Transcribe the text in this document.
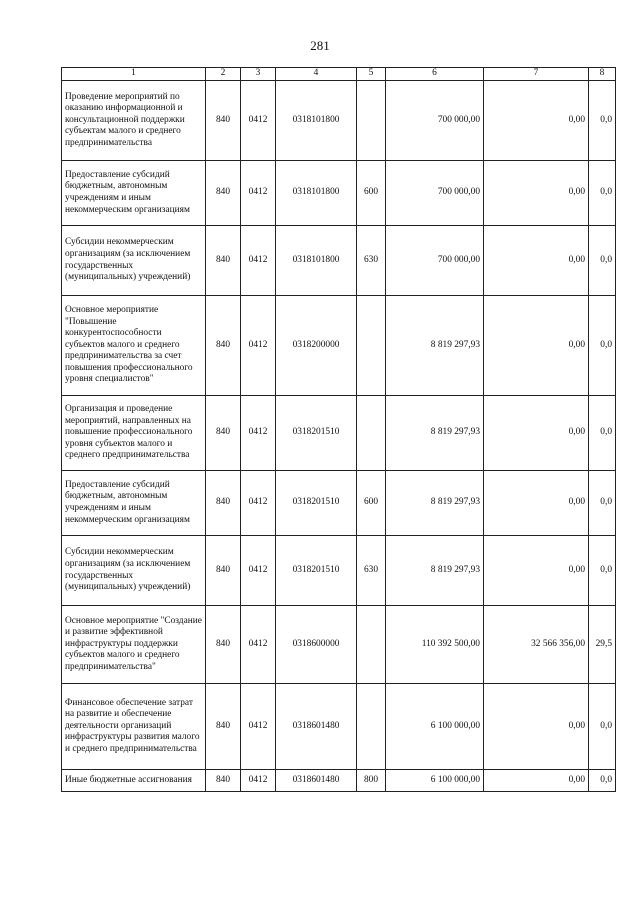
281
1	2	3	4	5	6	7	8
Проведение мероприятий по оказанию информационной и консультационной поддержки субъектам малого и среднего предпринимательства	840	0412	0318101800		700 000,00	0,00	0,0
Предоставление субсидий бюджетным, автономным учреждениям и иным некоммерческим организациям	840	0412	0318101800	600	700 000,00	0,00	0,0
Субсидии некоммерческим организациям (за исключением государственных (муниципальных) учреждений)	840	0412	0318101800	630	700 000,00	0,00	0,0
Основное мероприятие "Повышение конкурентоспособности субъектов малого и среднего предпринимательства за счет повышения профессионального уровня специалистов"	840	0412	0318200000		8 819 297,93	0,00	0,0
Организация и проведение мероприятий, направленных на повышение профессионального уровня субъектов малого и среднего предпринимательства	840	0412	0318201510		8 819 297,93	0,00	0,0
Предоставление субсидий бюджетным, автономным учреждениям и иным некоммерческим организациям	840	0412	0318201510	600	8 819 297,93	0,00	0,0
Субсидии некоммерческим организациям (за исключением государственных (муниципальных) учреждений)	840	0412	0318201510	630	8 819 297,93	0,00	0,0
Основное мероприятие "Создание и развитие эффективной инфраструктуры поддержки субъектов малого и среднего предпринимательства"	840	0412	0318600000		110 392 500,00	32 566 356,00	29,5
Финансовое обеспечение затрат на развитие и обеспечение деятельности организаций инфраструктуры развития малого и среднего предпринимательства	840	0412	0318601480		6 100 000,00	0,00	0,0
Иные бюджетные ассигнования	840	0412	0318601480	800	6 100 000,00	0,00	0,0
